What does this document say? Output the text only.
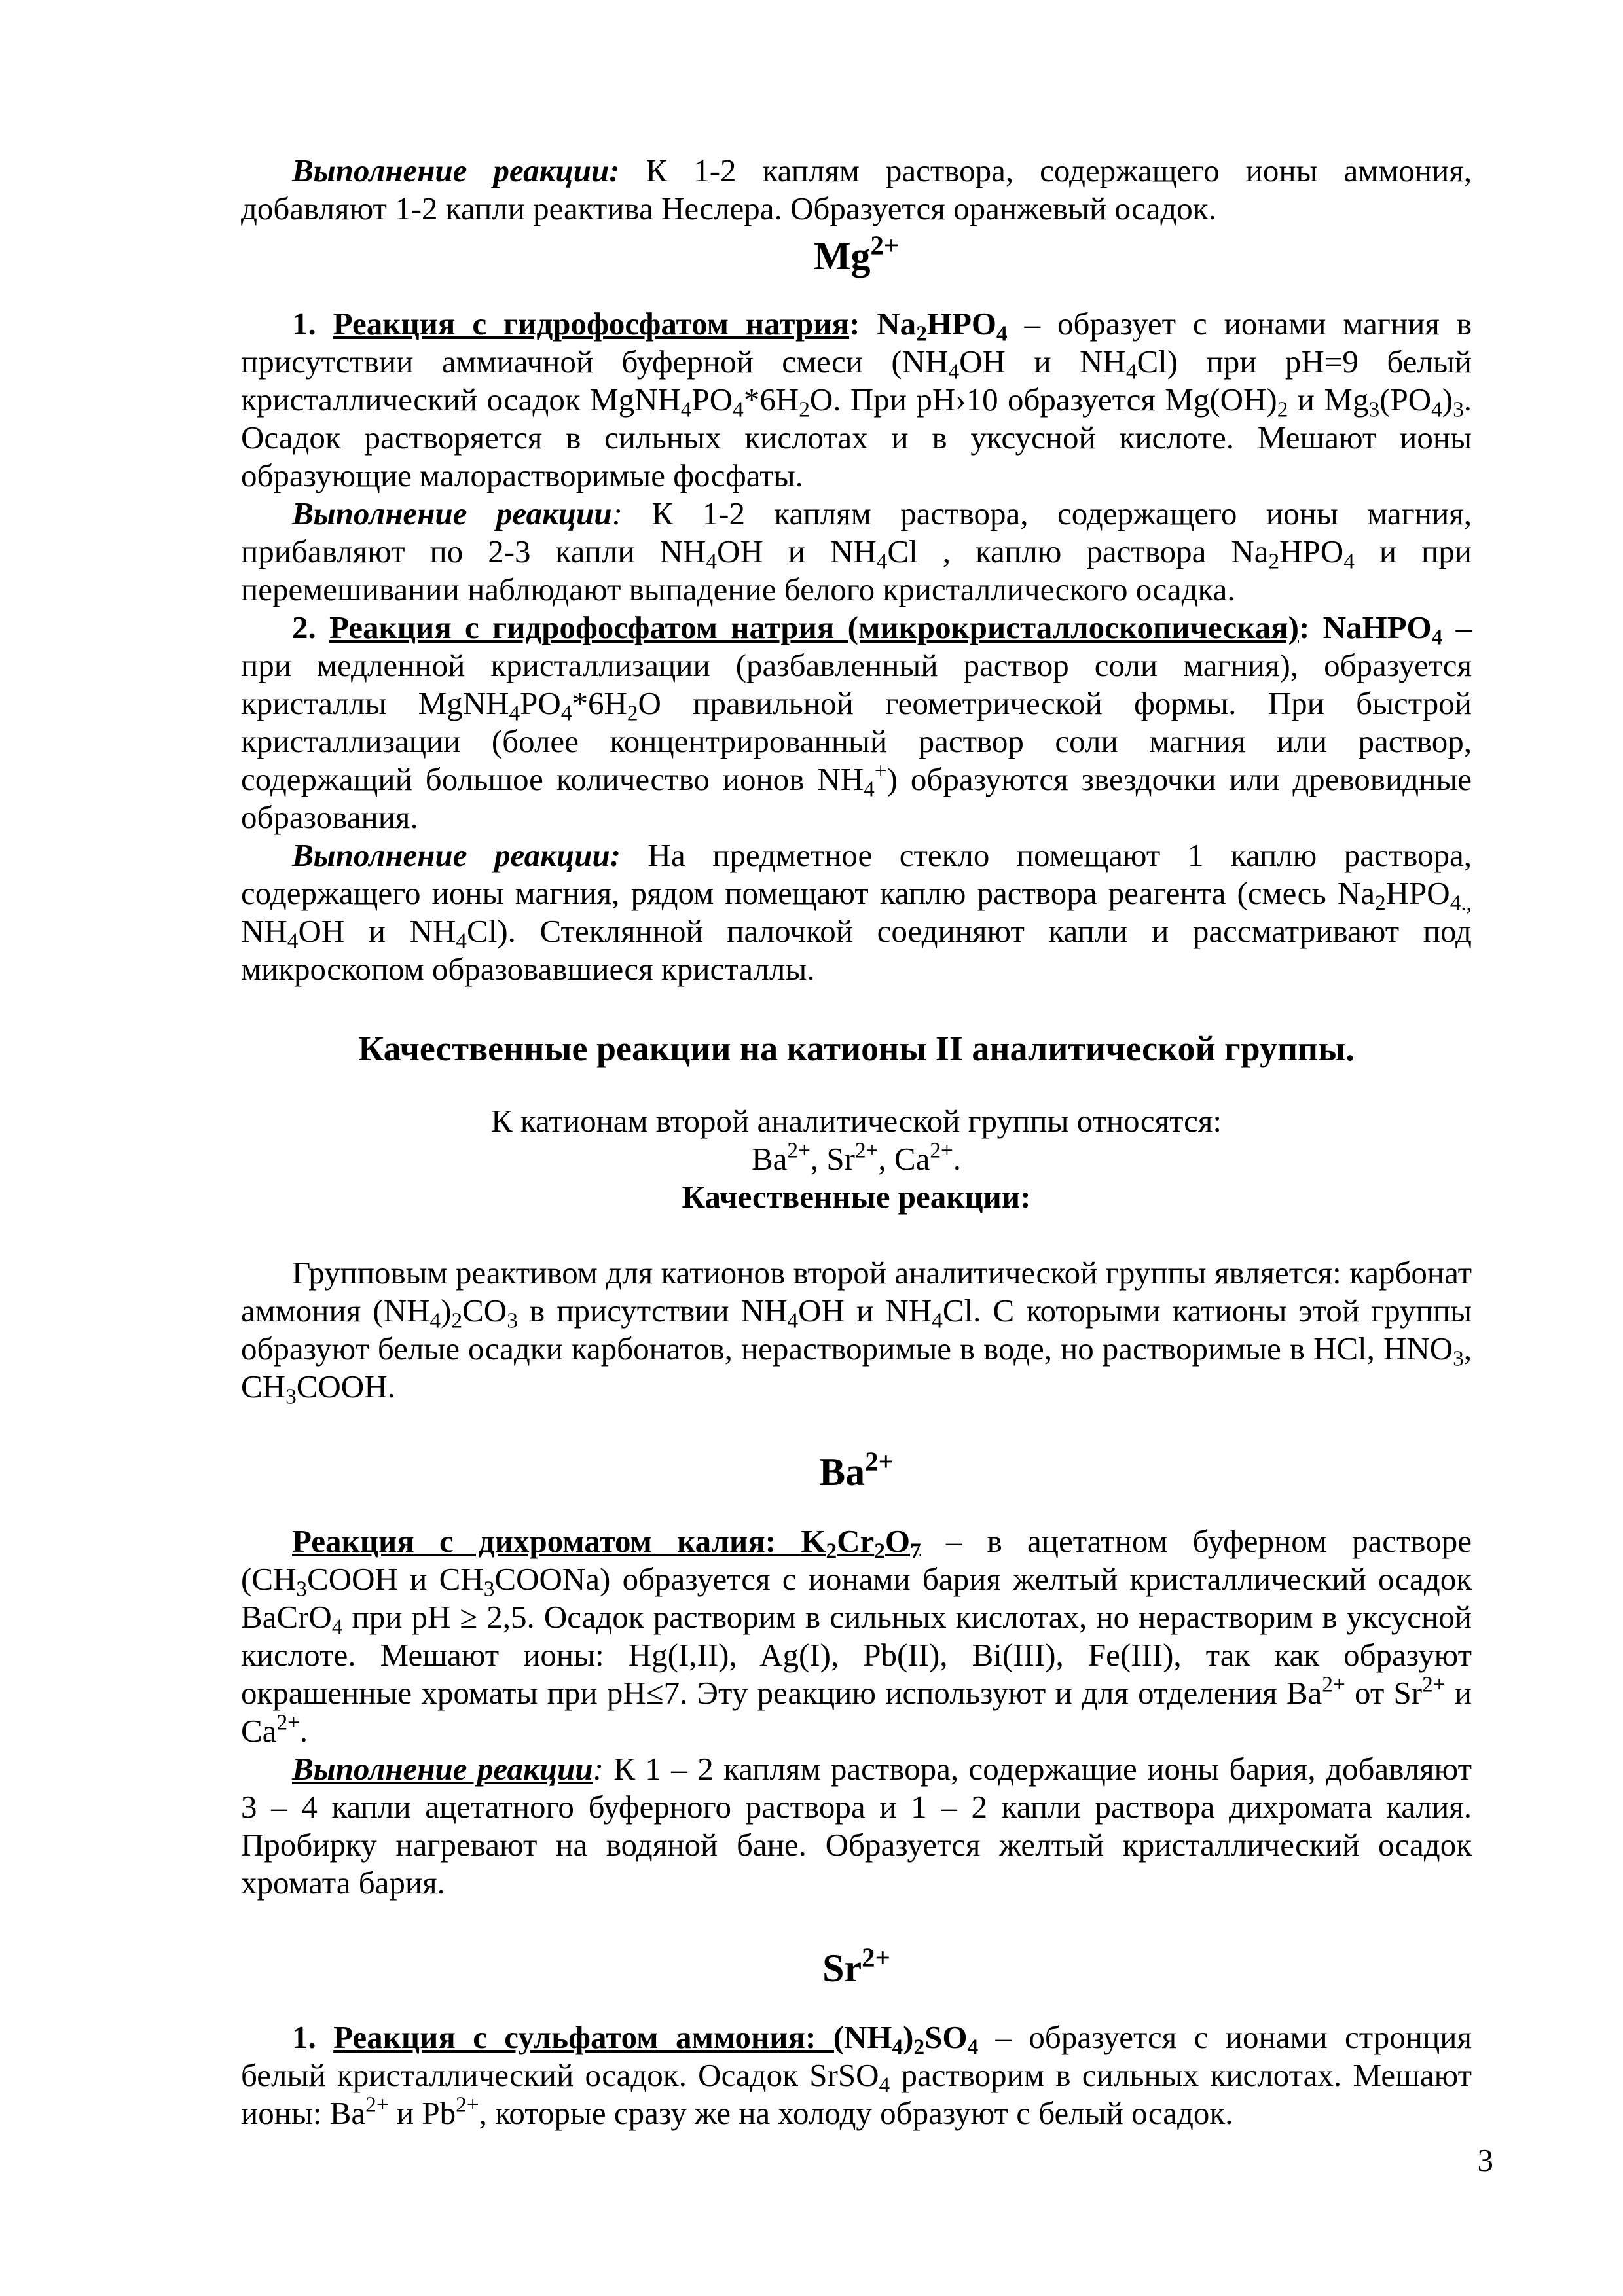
Выполнение реакции: К 1-2 каплям раствора, содержащего ионы аммония, добавляют 1-2 капли реактива Неслера. Образуется оранжевый осадок.

$Mg^{2+}$

1. Реакция с гидрофосфатом натрия: $Na_2HPO_4$ – образует с ионами магния в присутствии аммиачной буферной смеси ($NH_4OH$ и $NH_4Cl$) при pH=9 белый кристаллический осадок $MgNH_4PO_4*6H_2O$. При pH›10 образуется $Mg(OH)_2$ и $Mg_3(PO_4)_3$. Осадок растворяется в сильных кислотах и в уксусной кислоте. Мешают ионы образующие малорастворимые фосфаты.

Выполнение реакции: К 1-2 каплям раствора, содержащего ионы магния, прибавляют по 2-3 капли $NH_4OH$ и $NH_4Cl$ , каплю раствора $Na_2HPO_4$ и при перемешивании наблюдают выпадение белого кристаллического осадка.

2. Реакция с гидрофосфатом натрия (микрокристаллоскопическая): NaHPO$_4$ – при медленной кристаллизации (разбавленный раствор соли магния), образуется кристаллы $MgNH_4PO_4*6H_2O$ правильной геометрической формы. При быстрой кристаллизации (более концентрированный раствор соли магния или раствор, содержащий большое количество ионов $NH_4^+$) образуются звездочки или древовидные образования.

Выполнение реакции: На предметное стекло помещают 1 каплю раствора, содержащего ионы магния, рядом помещают каплю раствора реагента (смесь $Na_2HPO_{4.,}$ $NH_4OH$ и $NH_4Cl$). Стеклянной палочкой соединяют капли и рассматривают под микроскопом образовавшиеся кристаллы.

Качественные реакции на катионы II аналитической группы.

К катионам второй аналитической группы относятся:

$Ba^{2+}$, $Sr^{2+}$, $Ca^{2+}$.

Качественные реакции:

Групповым реактивом для катионов второй аналитической группы является: карбонат аммония $(NH_4)_2CO_3$ в присутствии $NH_4OH$ и $NH_4Cl$. С которыми катионы этой группы образуют белые осадки карбонатов, нерастворимые в воде, но растворимые в HCl, $HNO_3$, $CH_3COOH$.

$Ba^{2+}$

Реакция с дихроматом калия: $K_2Cr_2O_7$ – в ацетатном буферном растворе ($CH_3COOH$ и $CH_3COONa$) образуется с ионами бария желтый кристаллический осадок BaCrO$_4$ при pH ≥ 2,5. Осадок растворим в сильных кислотах, но нерастворим в уксусной кислоте. Мешают ионы: Hg(I,II), Ag(I), Pb(II), Bi(III), Fe(III), так как образуют окрашенные хроматы при pH≤7. Эту реакцию используют и для отделения $Ba^{2+}$ от $Sr^{2+}$ и $Ca^{2+}$.

Выполнение реакции: К 1 – 2 каплям раствора, содержащие ионы бария, добавляют 3 – 4 капли ацетатного буферного раствора и 1 – 2 капли раствора дихромата калия. Пробирку нагревают на водяной бане. Образуется желтый кристаллический осадок хромата бария.

$Sr^{2+}$

1. Реакция с сульфатом аммония: $(NH_4)_2SO_4$ – образуется с ионами стронция белый кристаллический осадок. Осадок SrSO$_4$ растворим в сильных кислотах. Мешают ионы: $Ba^{2+}$ и $Pb^{2+}$, которые сразу же на холоду образуют с белый осадок.

3
